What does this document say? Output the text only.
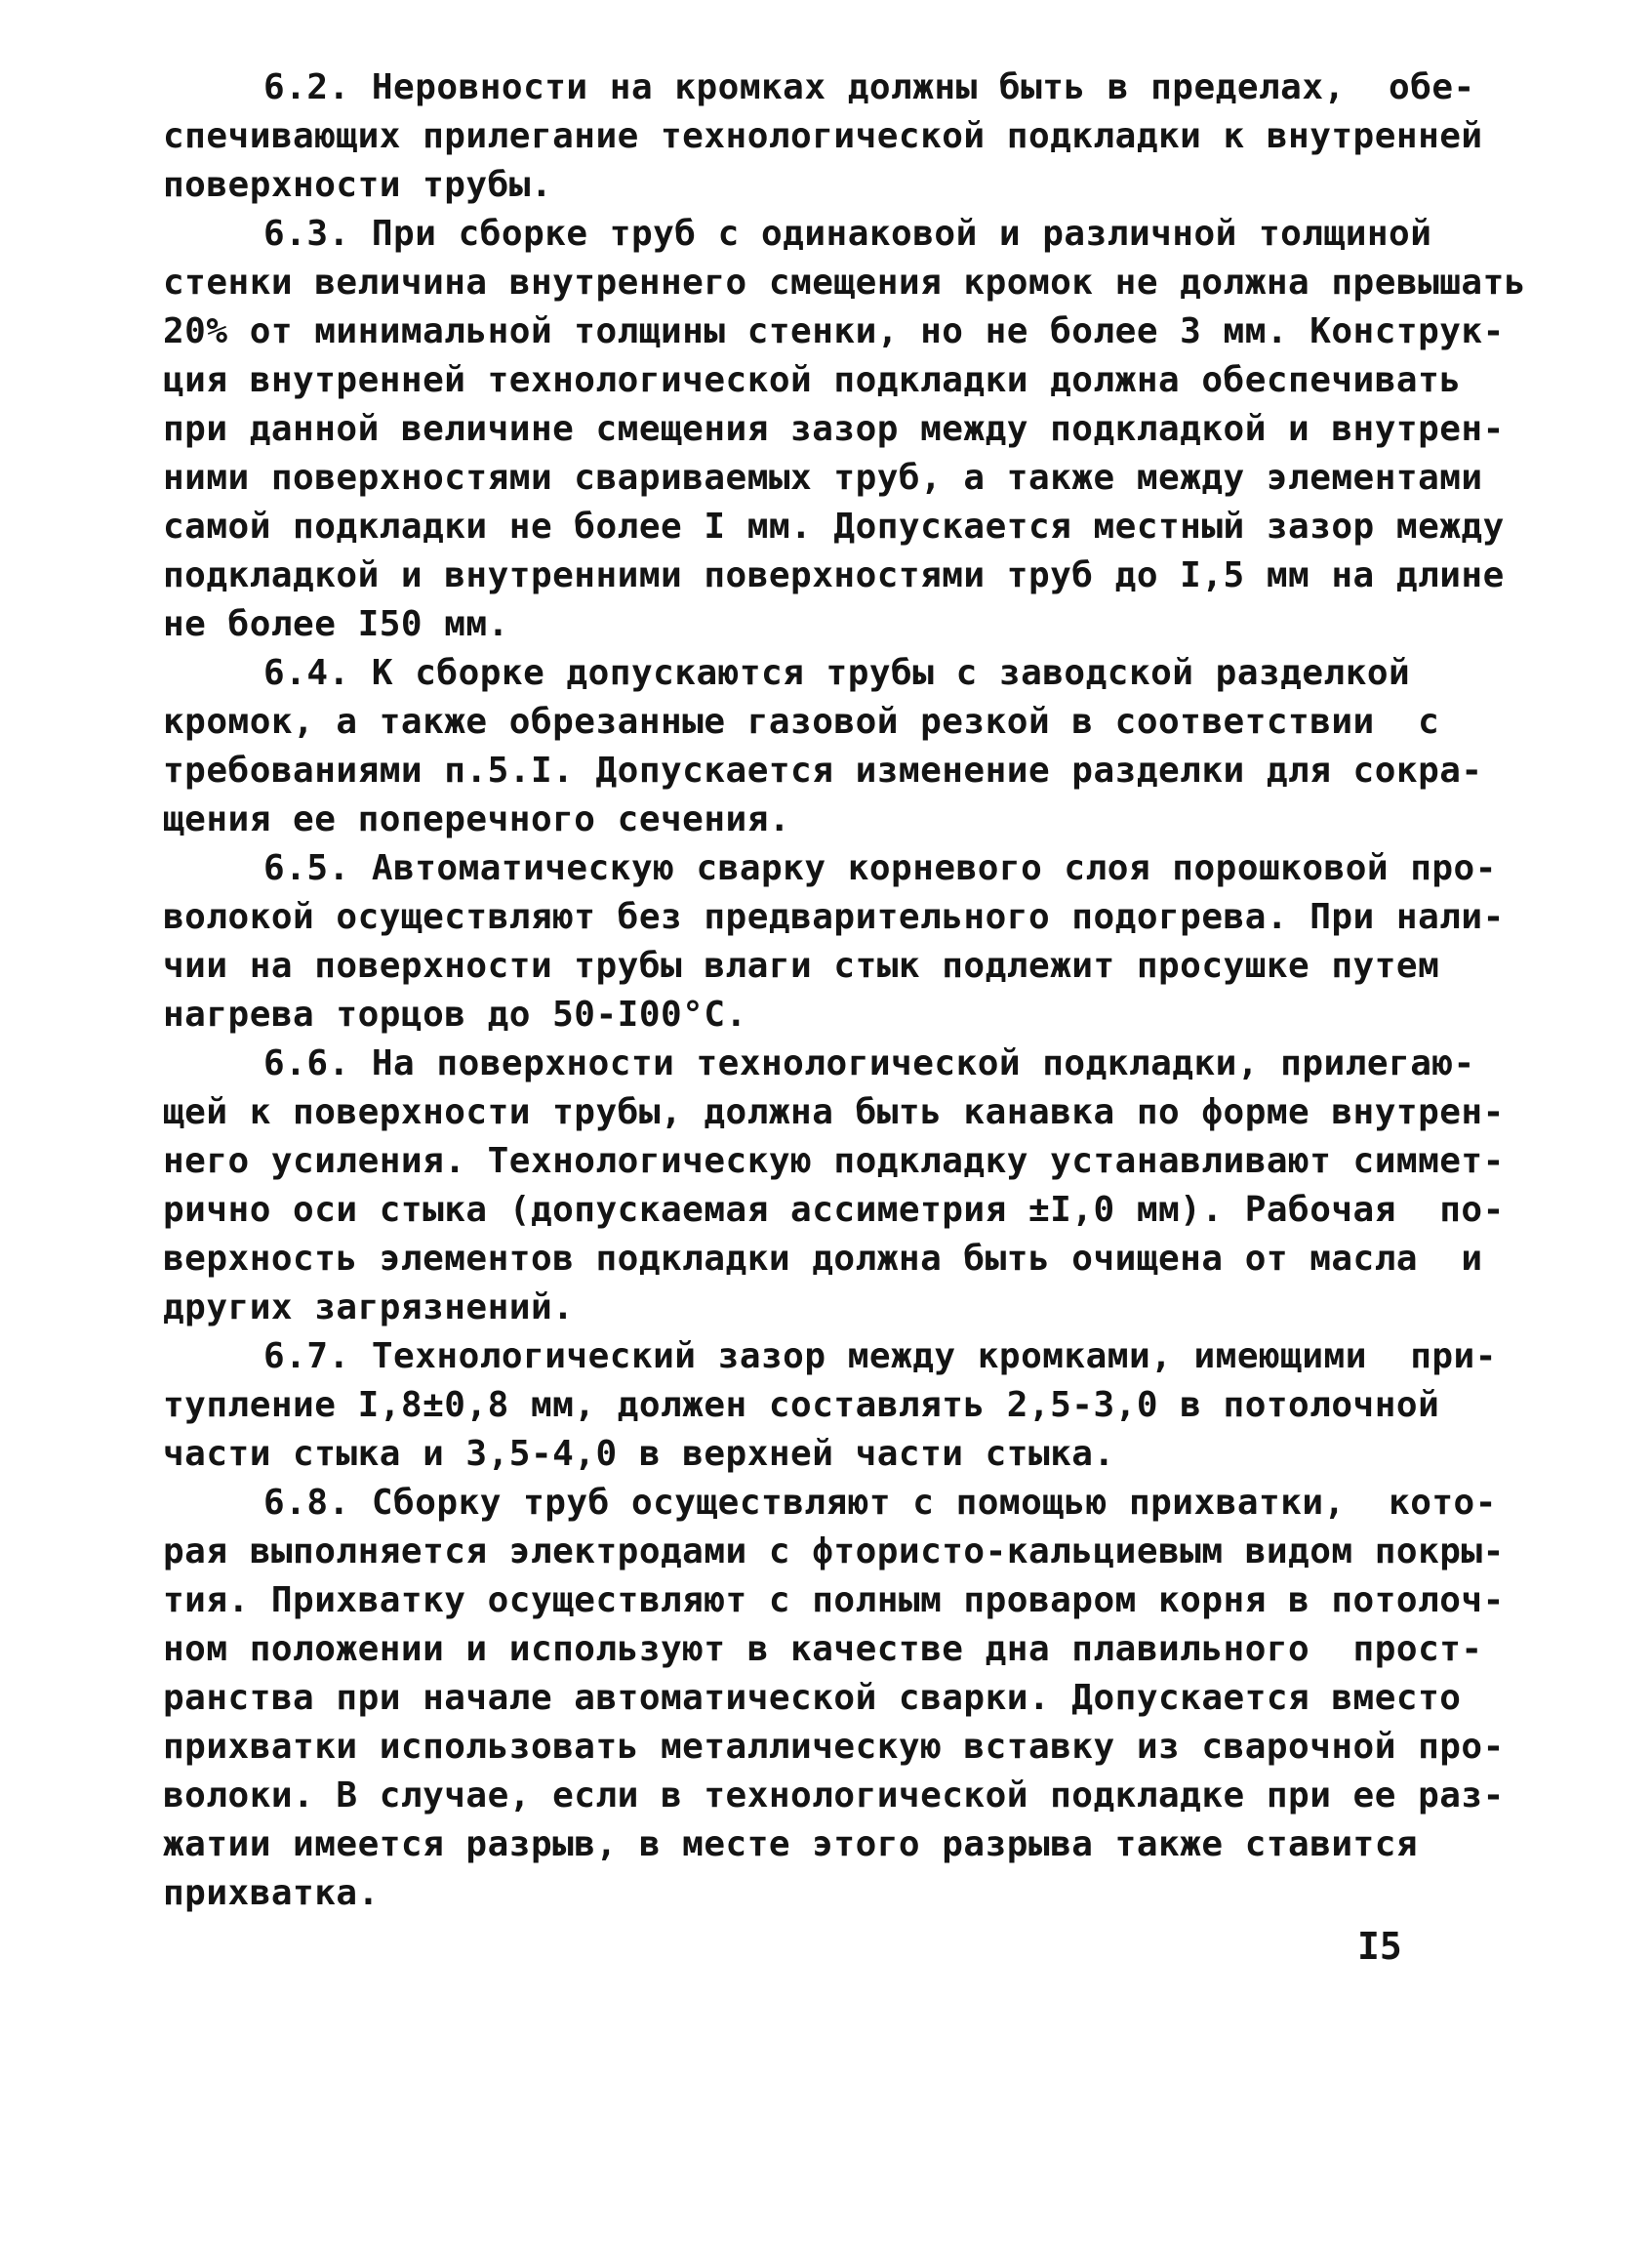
6.2. Неровности на кромках должны быть в пределах,  обе-
спечивающих прилегание технологической подкладки к внутренней
поверхности трубы.
6.3. При сборке труб с одинаковой и различной толщиной
стенки величина внутреннего смещения кромок не должна превышать
20% от минимальной толщины стенки, но не более 3 мм. Конструк-
ция внутренней технологической подкладки должна обеспечивать
при данной величине смещения зазор между подкладкой и внутрен-
ними поверхностями свариваемых труб, а также между элементами
самой подкладки не более I мм. Допускается местный зазор между
подкладкой и внутренними поверхностями труб до I,5 мм на длине
не более I50 мм.
6.4. К сборке допускаются трубы с заводской разделкой
кромок, а также обрезанные газовой резкой в соответствии  с
требованиями п.5.I. Допускается изменение разделки для сокра-
щения ее поперечного сечения.
6.5. Автоматическую сварку корневого слоя порошковой про-
волокой осуществляют без предварительного подогрева. При нали-
чии на поверхности трубы влаги стык подлежит просушке путем
нагрева торцов до 50-I00°С.
6.6. На поверхности технологической подкладки, прилегаю-
щей к поверхности трубы, должна быть канавка по форме внутрен-
него усиления. Технологическую подкладку устанавливают симмет-
рично оси стыка (допускаемая ассиметрия ±I,0 мм). Рабочая  по-
верхность элементов подкладки должна быть очищена от масла  и
других загрязнений.
6.7. Технологический зазор между кромками, имеющими  при-
тупление I,8±0,8 мм, должен составлять 2,5-3,0 в потолочной
части стыка и 3,5-4,0 в верхней части стыка.
6.8. Сборку труб осуществляют с помощью прихватки,  кото-
рая выполняется электродами с фтористо-кальциевым видом покры-
тия. Прихватку осуществляют с полным проваром корня в потолоч-
ном положении и используют в качестве дна плавильного  прост-
ранства при начале автоматической сварки. Допускается вместо
прихватки использовать металлическую вставку из сварочной про-
волоки. В случае, если в технологической подкладке при ее раз-
жатии имеется разрыв, в месте этого разрыва также ставится
прихватка.
I5
